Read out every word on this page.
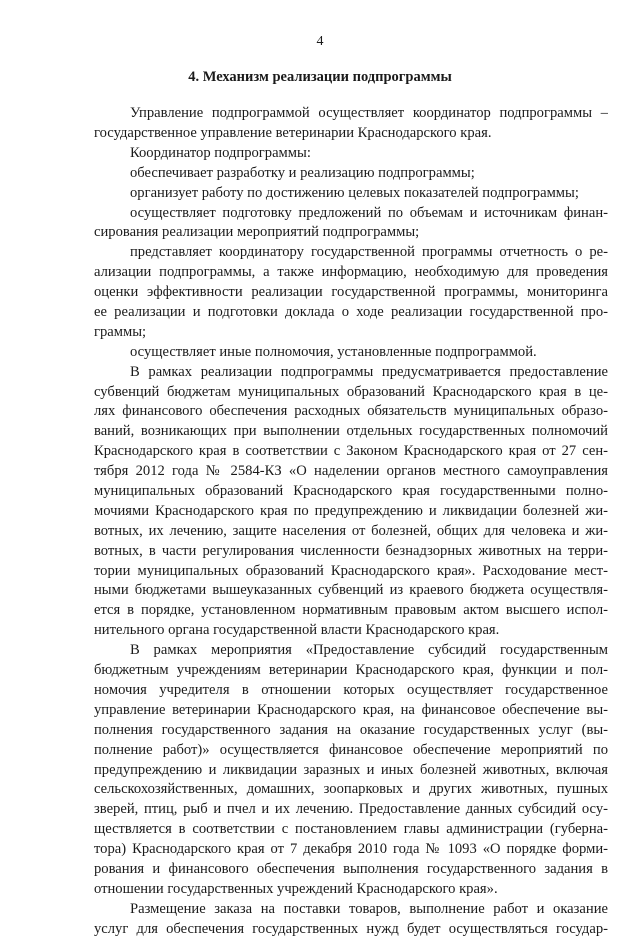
4
4. Механизм реализации подпрограммы
Управление подпрограммой осуществляет координатор подпрограммы –
государственное управление ветеринарии Краснодарского края.
Координатор подпрограммы:
обеспечивает разработку и реализацию подпрограммы;
организует работу по достижению целевых показателей подпрограммы;
осуществляет подготовку предложений по объемам и источникам финан-
сирования реализации мероприятий подпрограммы;
представляет координатору государственной программы отчетность о ре-
ализации подпрограммы, а также информацию, необходимую для проведения
оценки эффективности реализации государственной программы, мониторинга
ее реализации и подготовки доклада о ходе реализации государственной про-
граммы;
осуществляет иные полномочия, установленные подпрограммой.
В рамках реализации подпрограммы предусматривается предоставление
субвенций бюджетам муниципальных образований Краснодарского края в це-
лях финансового обеспечения расходных обязательств муниципальных образо-
ваний, возникающих при выполнении отдельных государственных полномочий
Краснодарского края в соответствии с Законом Краснодарского края от 27 сен-
тября 2012 года № 2584-КЗ «О наделении органов местного самоуправления
муниципальных образований Краснодарского края государственными полно-
мочиями Краснодарского края по предупреждению и ликвидации болезней жи-
вотных, их лечению, защите населения от болезней, общих для человека и жи-
вотных, в части регулирования численности безнадзорных животных на терри-
тории муниципальных образований Краснодарского края». Расходование мест-
ными бюджетами вышеуказанных субвенций из краевого бюджета осуществля-
ется в порядке, установленном нормативным правовым актом высшего испол-
нительного органа государственной власти Краснодарского края.
В рамках мероприятия «Предоставление субсидий государственным
бюджетным учреждениям ветеринарии Краснодарского края, функции и пол-
номочия учредителя в отношении которых осуществляет государственное
управление ветеринарии Краснодарского края, на финансовое обеспечение вы-
полнения государственного задания на оказание государственных услуг (вы-
полнение работ)» осуществляется финансовое обеспечение мероприятий по
предупреждению и ликвидации заразных и иных болезней животных, включая
сельскохозяйственных, домашних, зоопарковых и других животных, пушных
зверей, птиц, рыб и пчел и их лечению. Предоставление данных субсидий осу-
ществляется в соответствии с постановлением главы администрации (губерна-
тора) Краснодарского края от 7 декабря 2010 года № 1093 «О порядке форми-
рования и финансового обеспечения выполнения государственного задания в
отношении государственных учреждений Краснодарского края».
Размещение заказа на поставки товаров, выполнение работ и оказание
услуг для обеспечения государственных нужд будет осуществляться государ-
